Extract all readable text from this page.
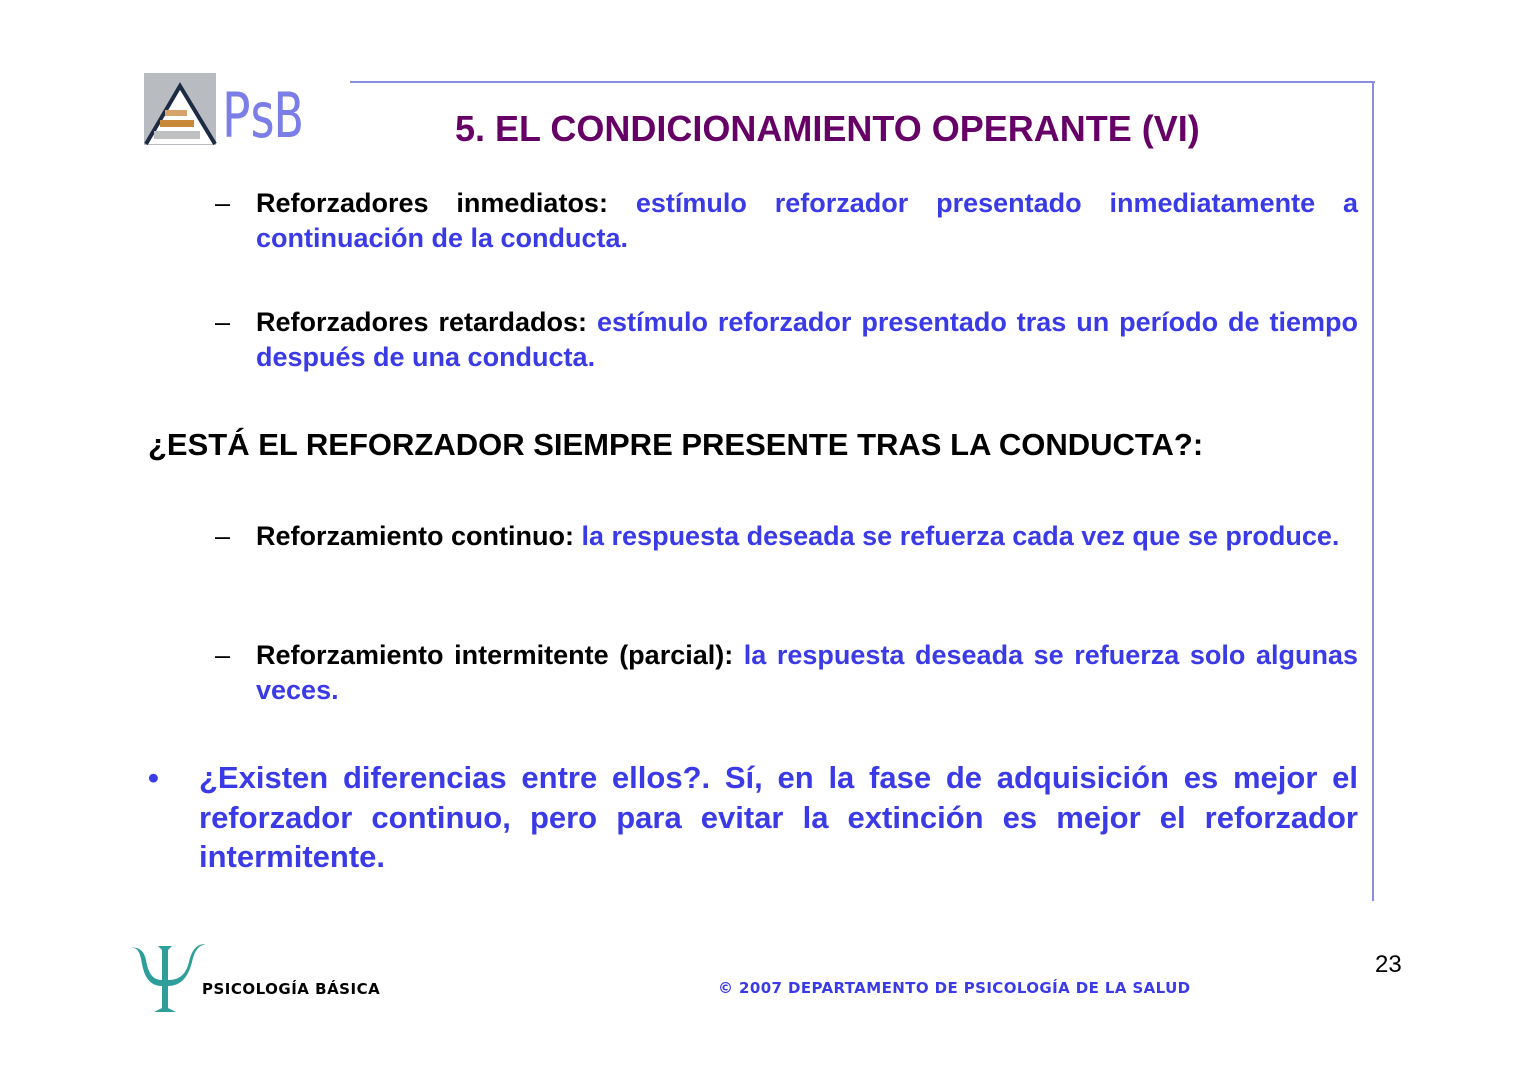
PsB	5. EL CONDICIONAMIENTO OPERANTE (VI)
– Reforzadores inmediatos: estímulo reforzador presentado inmediatamente a continuación de la conducta.
– Reforzadores retardados: estímulo reforzador presentado tras un período de tiempo después de una conducta.
¿ESTÁ EL REFORZADOR SIEMPRE PRESENTE TRAS LA CONDUCTA?:
– Reforzamiento continuo: la respuesta deseada se refuerza cada vez que se produce.
– Reforzamiento intermitente (parcial): la respuesta deseada se refuerza solo algunas veces.
• ¿Existen diferencias entre ellos?. Sí, en la fase de adquisición es mejor el reforzador continuo, pero para evitar la extinción es mejor el reforzador intermitente.
PSICOLOGÍA BÁSICA	© 2007 DEPARTAMENTO DE PSICOLOGÍA DE LA SALUD
23
